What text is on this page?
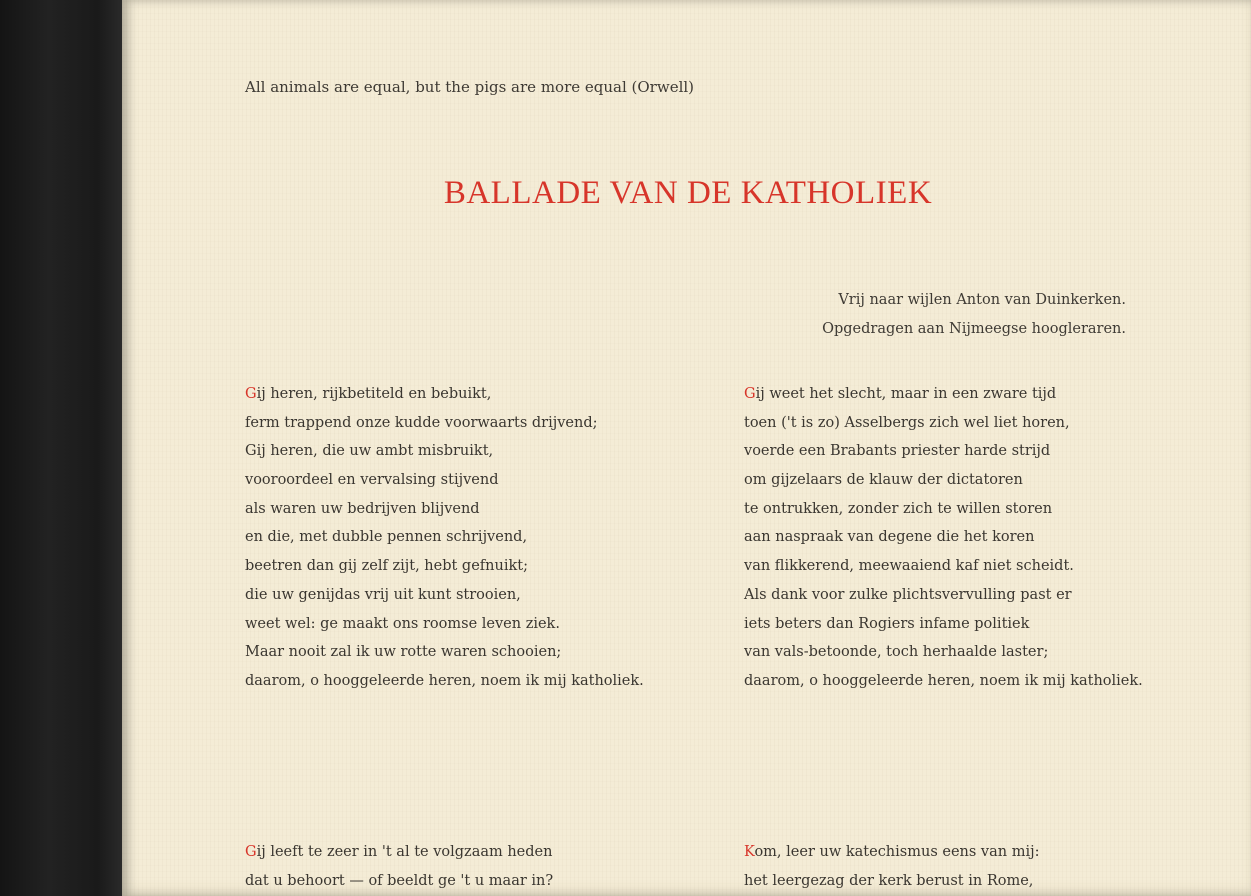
All animals are equal, but the pigs are more equal (Orwell)
BALLADE VAN DE KATHOLIEK
Vrij naar wijlen Anton van Duinkerken.
Opgedragen aan Nijmeegse hoogleraren.
Gij heren, rijkbetiteld en bebuikt,
ferm trappend onze kudde voorwaarts drijvend;
Gij heren, die uw ambt misbruikt,
vooroordeel en vervalsing stijvend
als waren uw bedrijven blijvend
en die, met dubble pennen schrijvend,
beetren dan gij zelf zijt, hebt gefnuikt;
die uw genijdas vrij uit kunt strooien,
weet wel: ge maakt ons roomse leven ziek.
Maar nooit zal ik uw rotte waren schooien;
daarom, o hooggeleerde heren, noem ik mij katholiek.
Gij weet het slecht, maar in een zware tijd
toen ('t is zo) Asselbergs zich wel liet horen,
voerde een Brabants priester harde strijd
om gijzelaars de klauw der dictatoren
te ontrukken, zonder zich te willen storen
aan naspraak van degene die het koren
van flikkerend, meewaaiend kaf niet scheidt.
Als dank voor zulke plichtsvervulling past er
iets beters dan Rogiers infame politiek
van vals-betoonde, toch herhaalde laster;
daarom, o hooggeleerde heren, noem ik mij katholiek.
Gij leeft te zeer in 't al te volgzaam heden
dat u behoort — of beeldt ge 't u maar in?
Kom, leer uw katechismus eens van mij:
het leergezag der kerk berust in Rome,
